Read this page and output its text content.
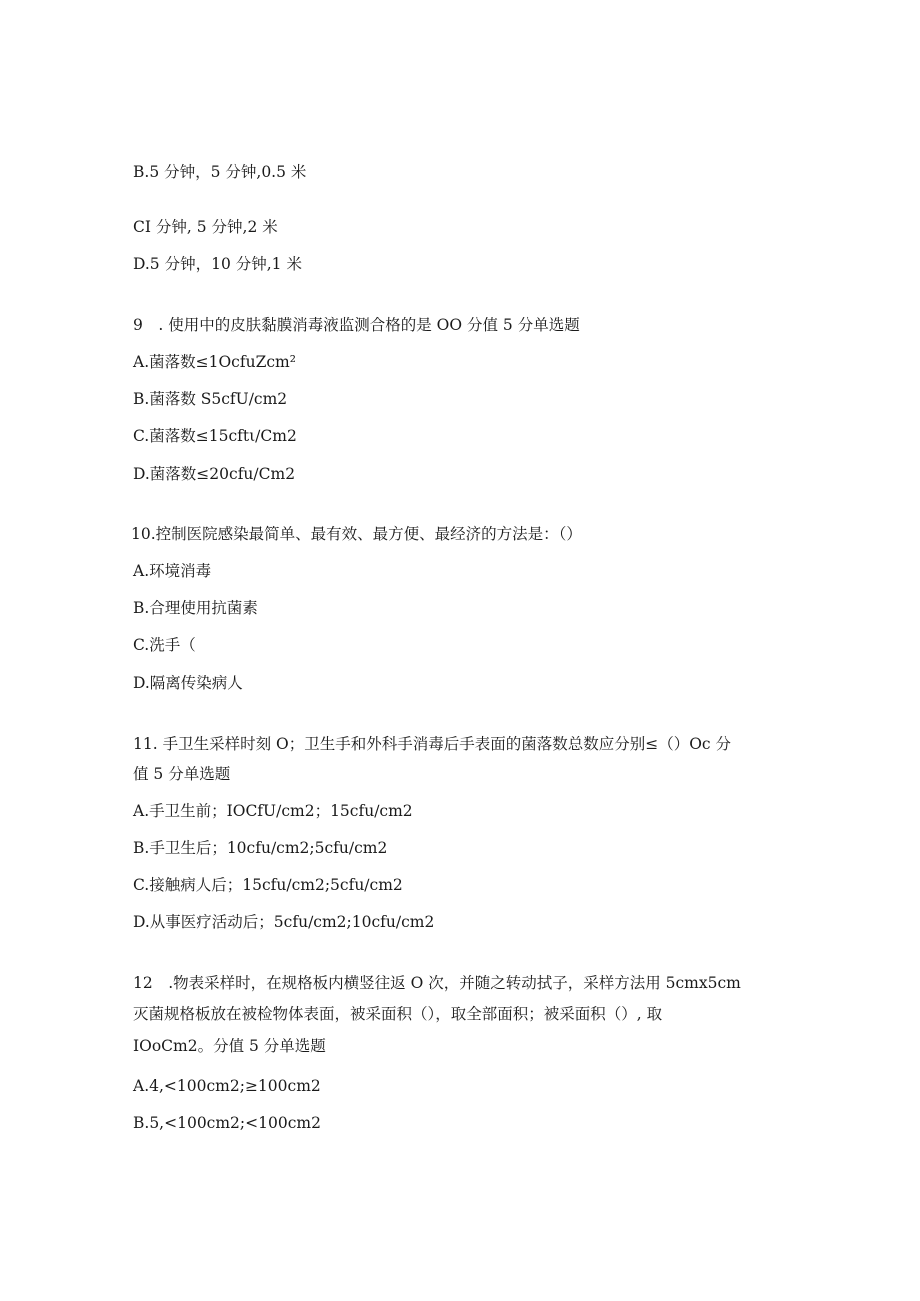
B.5 分钟，5 分钟,0.5 米
CI 分钟, 5 分钟,2 米
D.5 分钟，10 分钟,1 米
9　. 使用中的皮肤黏膜消毒液监测合格的是 OO 分值 5 分单选题
A.菌落数≤1OcfuZcm²
B.菌落数 S5cfU∕cm2
C.菌落数≤15cftι∕Cm2
D.菌落数≤20cfu∕Cm2
10.控制医院感染最简单、最有效、最方便、最经济的方法是：（）
A.环境消毒
B.合理使用抗菌素
C.洗手（
D.隔离传染病人
11. 手卫生采样时刻 O；卫生手和外科手消毒后手表面的菌落数总数应分别≤（）Oc 分
值 5 分单选题
A.手卫生前；IOCfU∕cm2；15cfu∕cm2
B.手卫生后；10cfu∕cm2;5cfu∕cm2
C.接触病人后；15cfu∕cm2;5cfu∕cm2
D.从事医疗活动后；5cfu∕cm2;10cfu∕cm2
12　.物表采样时，在规格板内横竖往返 O 次，并随之转动拭子，采样方法用 5cmx5cm
灭菌规格板放在被检物体表面，被采面积（），取全部面积；被采面积（）, 取
IOoCm2。分值 5 分单选题
A.4,<100cm2;≥100cm2
B.5,<100cm2;<100cm2
